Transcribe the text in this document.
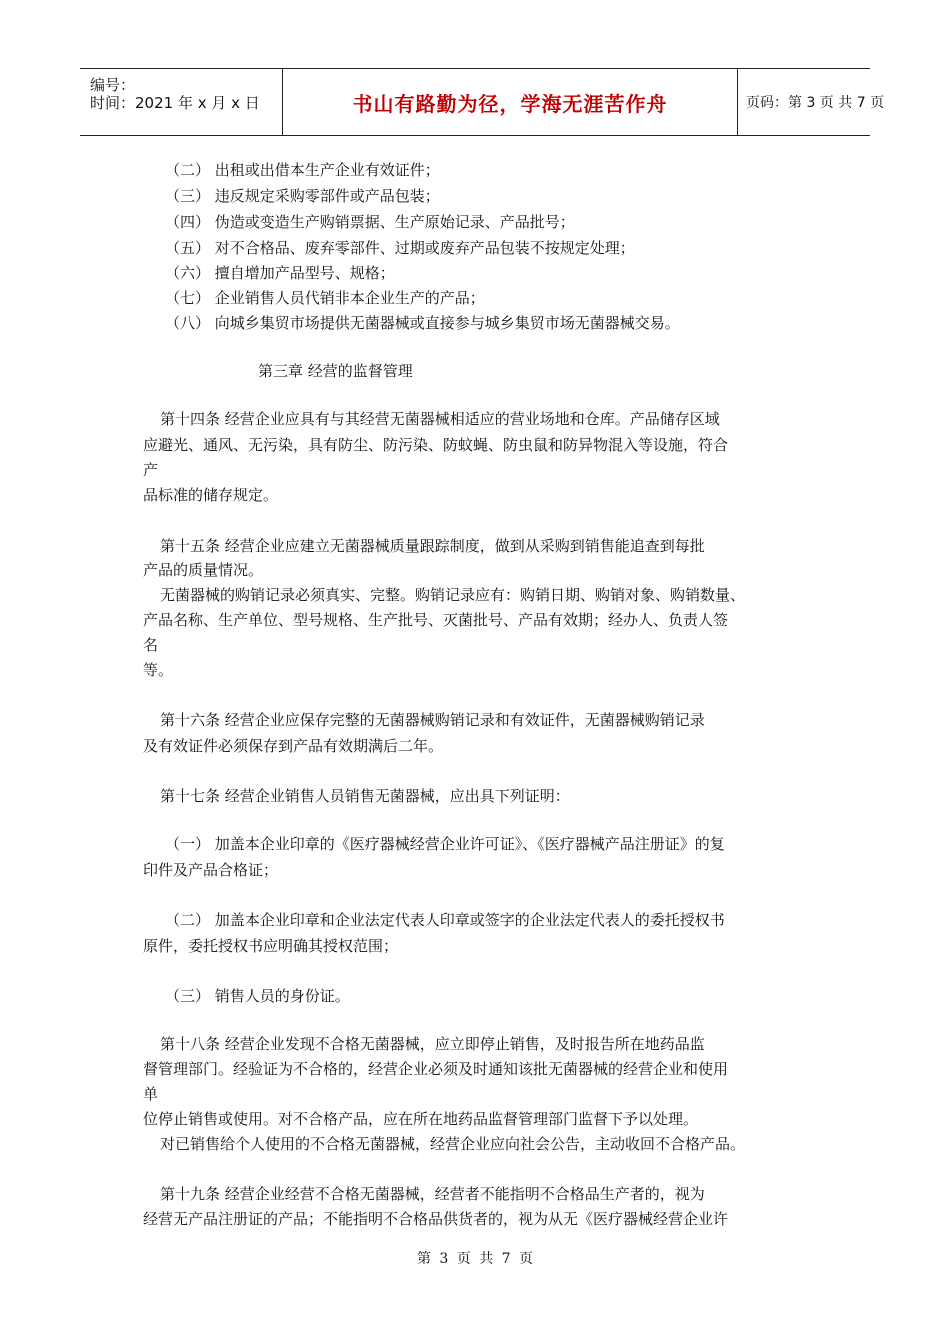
编号：
时间：2021 年 x 月 x 日	书山有路勤为径，学海无涯苦作舟	页码：第 3 页 共 7 页
（二） 出租或出借本生产企业有效证件；
（三） 违反规定采购零部件或产品包装；
（四） 伪造或变造生产购销票据、生产原始记录、产品批号；
（五） 对不合格品、废弃零部件、过期或废弃产品包装不按规定处理；
（六） 擅自增加产品型号、规格；
（七） 企业销售人员代销非本企业生产的产品；
（八） 向城乡集贸市场提供无菌器械或直接参与城乡集贸市场无菌器械交易。
第三章 经营的监督管理
第十四条 经营企业应具有与其经营无菌器械相适应的营业场地和仓库。产品储存区域
应避光、通风、无污染，具有防尘、防污染、防蚊蝇、防虫鼠和防异物混入等设施，符合
产
品标准的储存规定。
第十五条 经营企业应建立无菌器械质量跟踪制度，做到从采购到销售能追查到每批
产品的质量情况。
无菌器械的购销记录必须真实、完整。购销记录应有：购销日期、购销对象、购销数量、
产品名称、生产单位、型号规格、生产批号、灭菌批号、产品有效期；经办人、负责人签
名
等。
第十六条 经营企业应保存完整的无菌器械购销记录和有效证件，无菌器械购销记录
及有效证件必须保存到产品有效期满后二年。
第十七条 经营企业销售人员销售无菌器械，应出具下列证明：
（一） 加盖本企业印章的《医疗器械经营企业许可证》、《医疗器械产品注册证》的复
印件及产品合格证；
（二） 加盖本企业印章和企业法定代表人印章或签字的企业法定代表人的委托授权书
原件，委托授权书应明确其授权范围；
（三） 销售人员的身份证。
第十八条 经营企业发现不合格无菌器械，应立即停止销售，及时报告所在地药品监
督管理部门。经验证为不合格的，经营企业必须及时通知该批无菌器械的经营企业和使用
单
位停止销售或使用。对不合格产品，应在所在地药品监督管理部门监督下予以处理。
对已销售给个人使用的不合格无菌器械，经营企业应向社会公告，主动收回不合格产品。
第十九条 经营企业经营不合格无菌器械，经营者不能指明不合格品生产者的，视为
经营无产品注册证的产品；不能指明不合格品供货者的，视为从无《医疗器械经营企业许
第 3 页 共 7 页
